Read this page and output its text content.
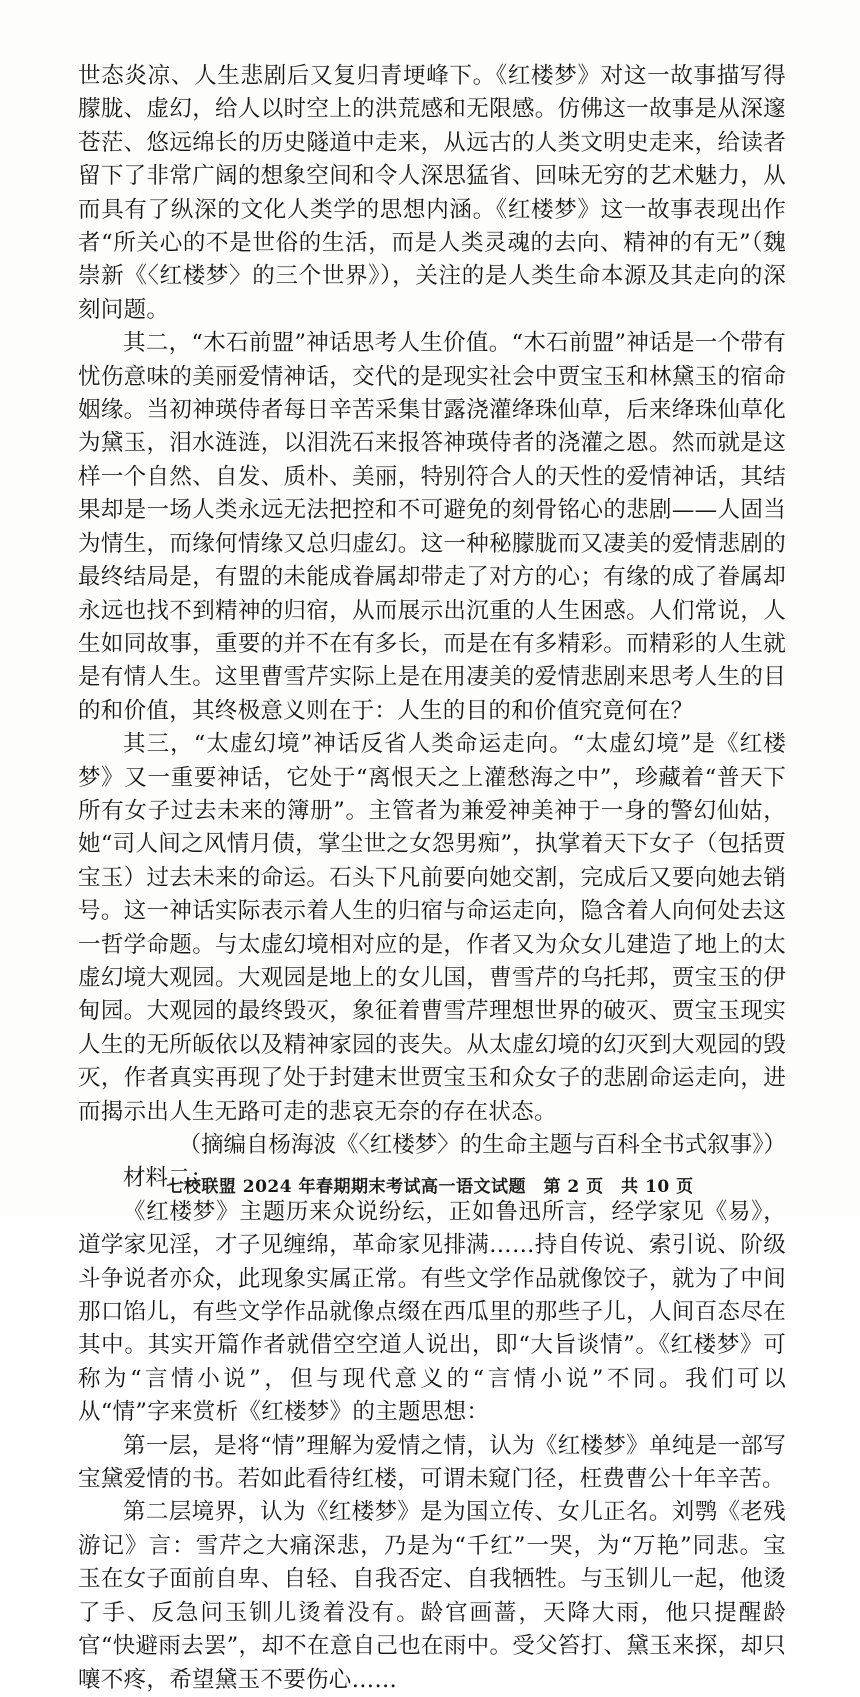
世态炎凉、人生悲剧后又复归青埂峰下。《红楼梦》对这一故事描写得朦胧、虚幻，给人以时空上的洪荒感和无限感。仿佛这一故事是从深邃苍茫、悠远绵长的历史隧道中走来，从远古的人类文明史走来，给读者留下了非常广阔的想象空间和令人深思猛省、回味无穷的艺术魅力，从而具有了纵深的文化人类学的思想内涵。《红楼梦》这一故事表现出作者“所关心的不是世俗的生活，而是人类灵魂的去向、精神的有无”（魏崇新《〈红楼梦〉的三个世界》），关注的是人类生命本源及其走向的深刻问题。

其二，“木石前盟”神话思考人生价值。“木石前盟”神话是一个带有忧伤意味的美丽爱情神话，交代的是现实社会中贾宝玉和林黛玉的宿命姻缘。当初神瑛侍者每日辛苦采集甘露浇灌绛珠仙草，后来绛珠仙草化为黛玉，泪水涟涟，以泪洗石来报答神瑛侍者的浇灌之恩。然而就是这样一个自然、自发、质朴、美丽，特别符合人的天性的爱情神话，其结果却是一场人类永远无法把控和不可避免的刻骨铭心的悲剧——人固当为情生，而缘何情缘又总归虚幻。这一种秘朦胧而又凄美的爱情悲剧的最终结局是，有盟的未能成眷属却带走了对方的心；有缘的成了眷属却永远也找不到精神的归宿，从而展示出沉重的人生困惑。人们常说，人生如同故事，重要的并不在有多长，而是在有多精彩。而精彩的人生就是有情人生。这里曹雪芹实际上是在用凄美的爱情悲剧来思考人生的目的和价值，其终极意义则在于：人生的目的和价值究竟何在？

其三，“太虚幻境”神话反省人类命运走向。“太虚幻境”是《红楼梦》又一重要神话，它处于“离恨天之上灌愁海之中”，珍藏着“普天下所有女子过去未来的簿册”。主管者为兼爱神美神于一身的警幻仙姑，她“司人间之风情月债，掌尘世之女怨男痴”，执掌着天下女子（包括贾宝玉）过去未来的命运。石头下凡前要向她交割，完成后又要向她去销号。这一神话实际表示着人生的归宿与命运走向，隐含着人向何处去这一哲学命题。与太虚幻境相对应的是，作者又为众女儿建造了地上的太虚幻境大观园。大观园是地上的女儿国，曹雪芹的乌托邦，贾宝玉的伊甸园。大观园的最终毁灭，象征着曹雪芹理想世界的破灭、贾宝玉现实人生的无所皈依以及精神家园的丧失。从太虚幻境的幻灭到大观园的毁灭，作者真实再现了处于封建末世贾宝玉和众女子的悲剧命运走向，进而揭示出人生无路可走的悲哀无奈的存在状态。

（摘编自杨海波《〈红楼梦〉的生命主题与百科全书式叙事》）

材料二：

《红楼梦》主题历来众说纷纭，正如鲁迅所言，经学家见《易》，道学家见淫，才子见缠绵，革命家见排满……持自传说、索引说、阶级斗争说者亦众，此现象实属正常。有些文学作品就像饺子，就为了中间那口馅儿，有些文学作品就像点缀在西瓜里的那些子儿，人间百态尽在其中。其实开篇作者就借空空道人说出，即“大旨谈情”。《红楼梦》可称为“言情小说”，但与现代意义的“言情小说”不同。我们可以从“情”字来赏析《红楼梦》的主题思想：

第一层，是将“情”理解为爱情之情，认为《红楼梦》单纯是一部写宝黛爱情的书。若如此看待红楼，可谓未窥门径，枉费曹公十年辛苦。

第二层境界，认为《红楼梦》是为国立传、女儿正名。刘鹗《老残游记》言：雪芹之大痛深悲，乃是为“千红”一哭，为“万艳”同悲。宝玉在女子面前自卑、自轻、自我否定、自我牺牲。与玉钏儿一起，他烫了手、反急问玉钏儿烫着没有。龄官画蔷，天降大雨，他只提醒龄官“快避雨去罢”，却不在意自己也在雨中。受父笞打、黛玉来探，却只嚷不疼，希望黛玉不要伤心……

七校联盟 2024 年春期期末考试高一语文试题　第 2 页　共 10 页
